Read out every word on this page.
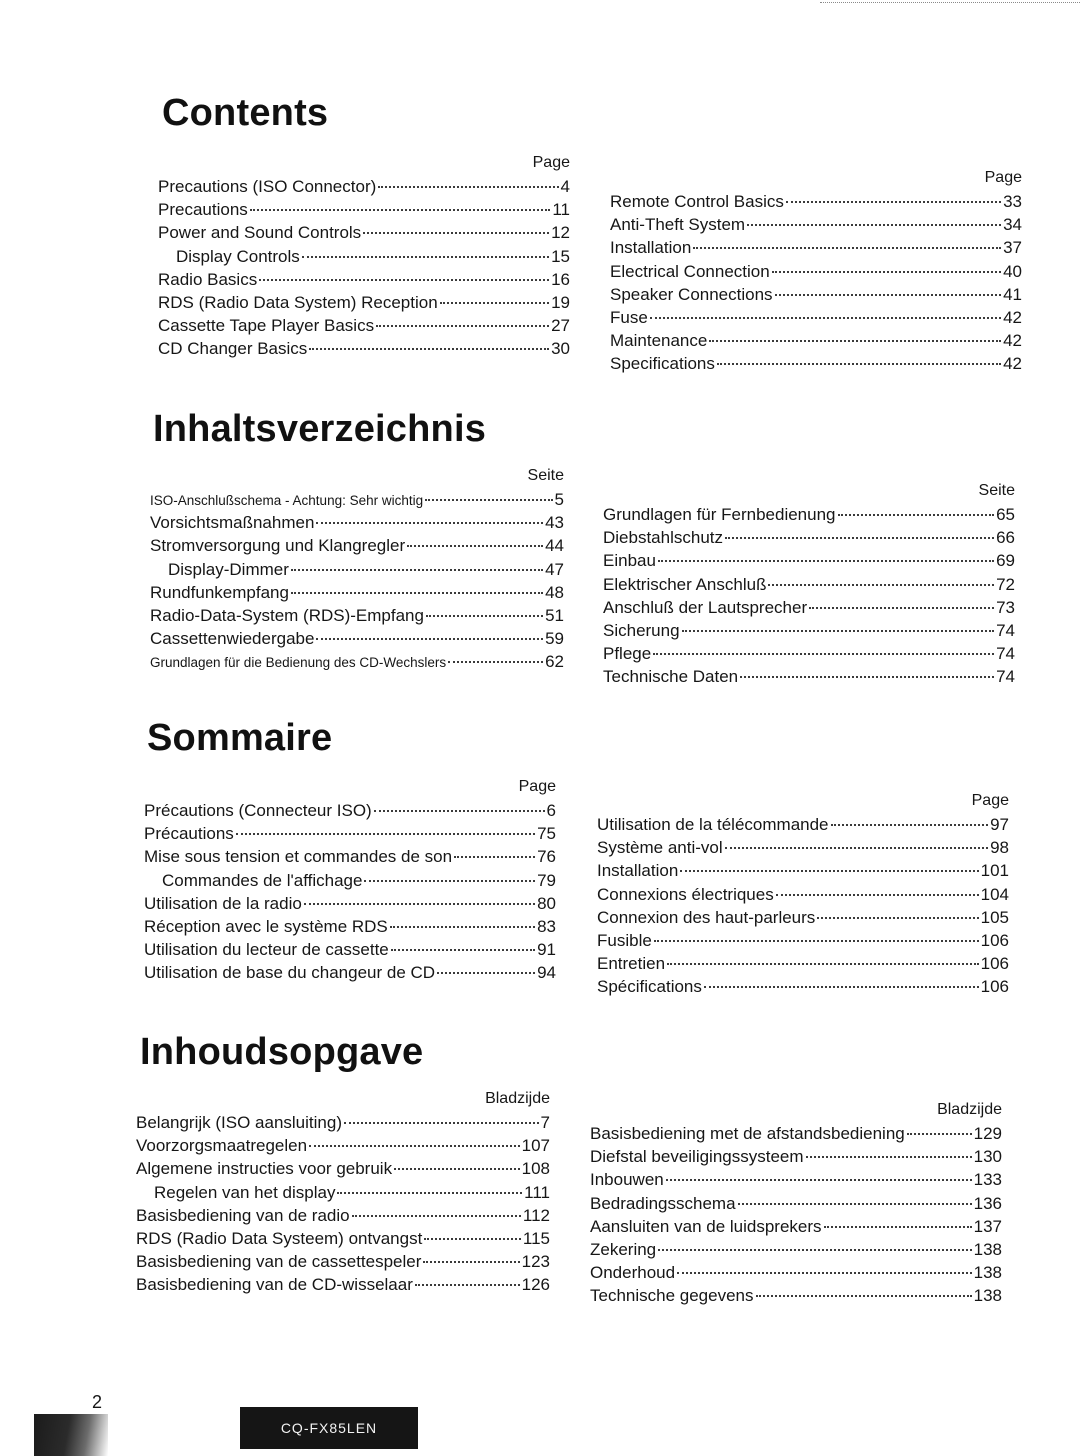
Contents
Page
Precautions (ISO Connector)	4
Precautions	11
Power and Sound Controls	12
Display Controls	15
Radio Basics	16
RDS (Radio Data System) Reception	19
Cassette Tape Player Basics	27
CD Changer Basics	30
Page
Remote Control Basics	33
Anti-Theft System	34
Installation	37
Electrical Connection	40
Speaker Connections	41
Fuse	42
Maintenance	42
Specifications	42
Inhaltsverzeichnis
Seite
ISO-Anschlußschema - Achtung: Sehr wichtig	5
Vorsichtsmaßnahmen	43
Stromversorgung und Klangregler	44
Display-Dimmer	47
Rundfunkempfang	48
Radio-Data-System (RDS)-Empfang	51
Cassettenwiedergabe	59
Grundlagen für die Bedienung des CD-Wechslers	62
Seite
Grundlagen für Fernbedienung	65
Diebstahlschutz	66
Einbau	69
Elektrischer Anschluß	72
Anschluß der Lautsprecher	73
Sicherung	74
Pflege	74
Technische Daten	74
Sommaire
Page
Précautions (Connecteur ISO)	6
Précautions	75
Mise sous tension et commandes de son	76
Commandes de l'affichage	79
Utilisation de la radio	80
Réception avec le système RDS	83
Utilisation du lecteur de cassette	91
Utilisation de base du changeur de CD	94
Page
Utilisation de la télécommande	97
Système anti-vol	98
Installation	101
Connexions électriques	104
Connexion des haut-parleurs	105
Fusible	106
Entretien	106
Spécifications	106
Inhoudsopgave
Bladzijde
Belangrijk (ISO aansluiting)	7
Voorzorgsmaatregelen	107
Algemene instructies voor gebruik	108
Regelen van het display	111
Basisbediening van de radio	112
RDS (Radio Data Systeem) ontvangst	115
Basisbediening van de cassettespeler	123
Basisbediening van de CD-wisselaar	126
Bladzijde
Basisbediening met de afstandsbediening	129
Diefstal beveiligingssysteem	130
Inbouwen	133
Bedradingsschema	136
Aansluiten van de luidsprekers	137
Zekering	138
Onderhoud	138
Technische gegevens	138
2
CQ-FX85LEN
